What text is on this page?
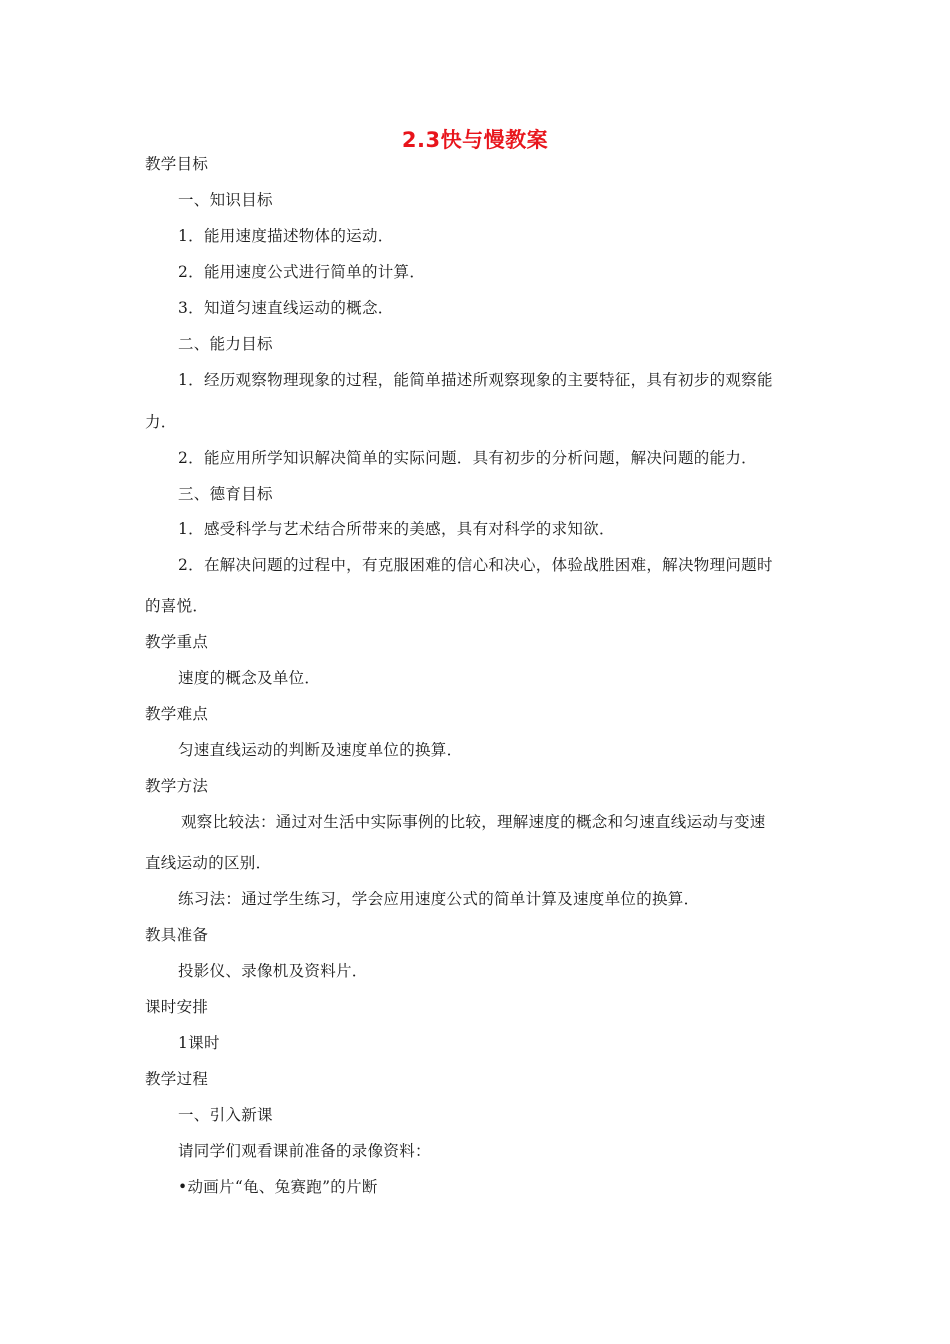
2.3快与慢教案
教学目标
一、知识目标
1．能用速度描述物体的运动．
2．能用速度公式进行简单的计算．
3．知道匀速直线运动的概念．
二、能力目标
1．经历观察物理现象的过程，能简单描述所观察现象的主要特征，具有初步的观察能
力．
2．能应用所学知识解决简单的实际问题．具有初步的分析问题，解决问题的能力．
三、德育目标
1．感受科学与艺术结合所带来的美感，具有对科学的求知欲．
2．在解决问题的过程中，有克服困难的信心和决心，体验战胜困难，解决物理问题时
的喜悦．
教学重点
速度的概念及单位．
教学难点
匀速直线运动的判断及速度单位的换算．
教学方法
观察比较法：通过对生活中实际事例的比较，理解速度的概念和匀速直线运动与变速
直线运动的区别．
练习法：通过学生练习，学会应用速度公式的简单计算及速度单位的换算．
教具准备
投影仪、录像机及资料片．
课时安排
1课时
教学过程
一、引入新课
请同学们观看课前准备的录像资料：
•动画片“龟、兔赛跑”的片断
